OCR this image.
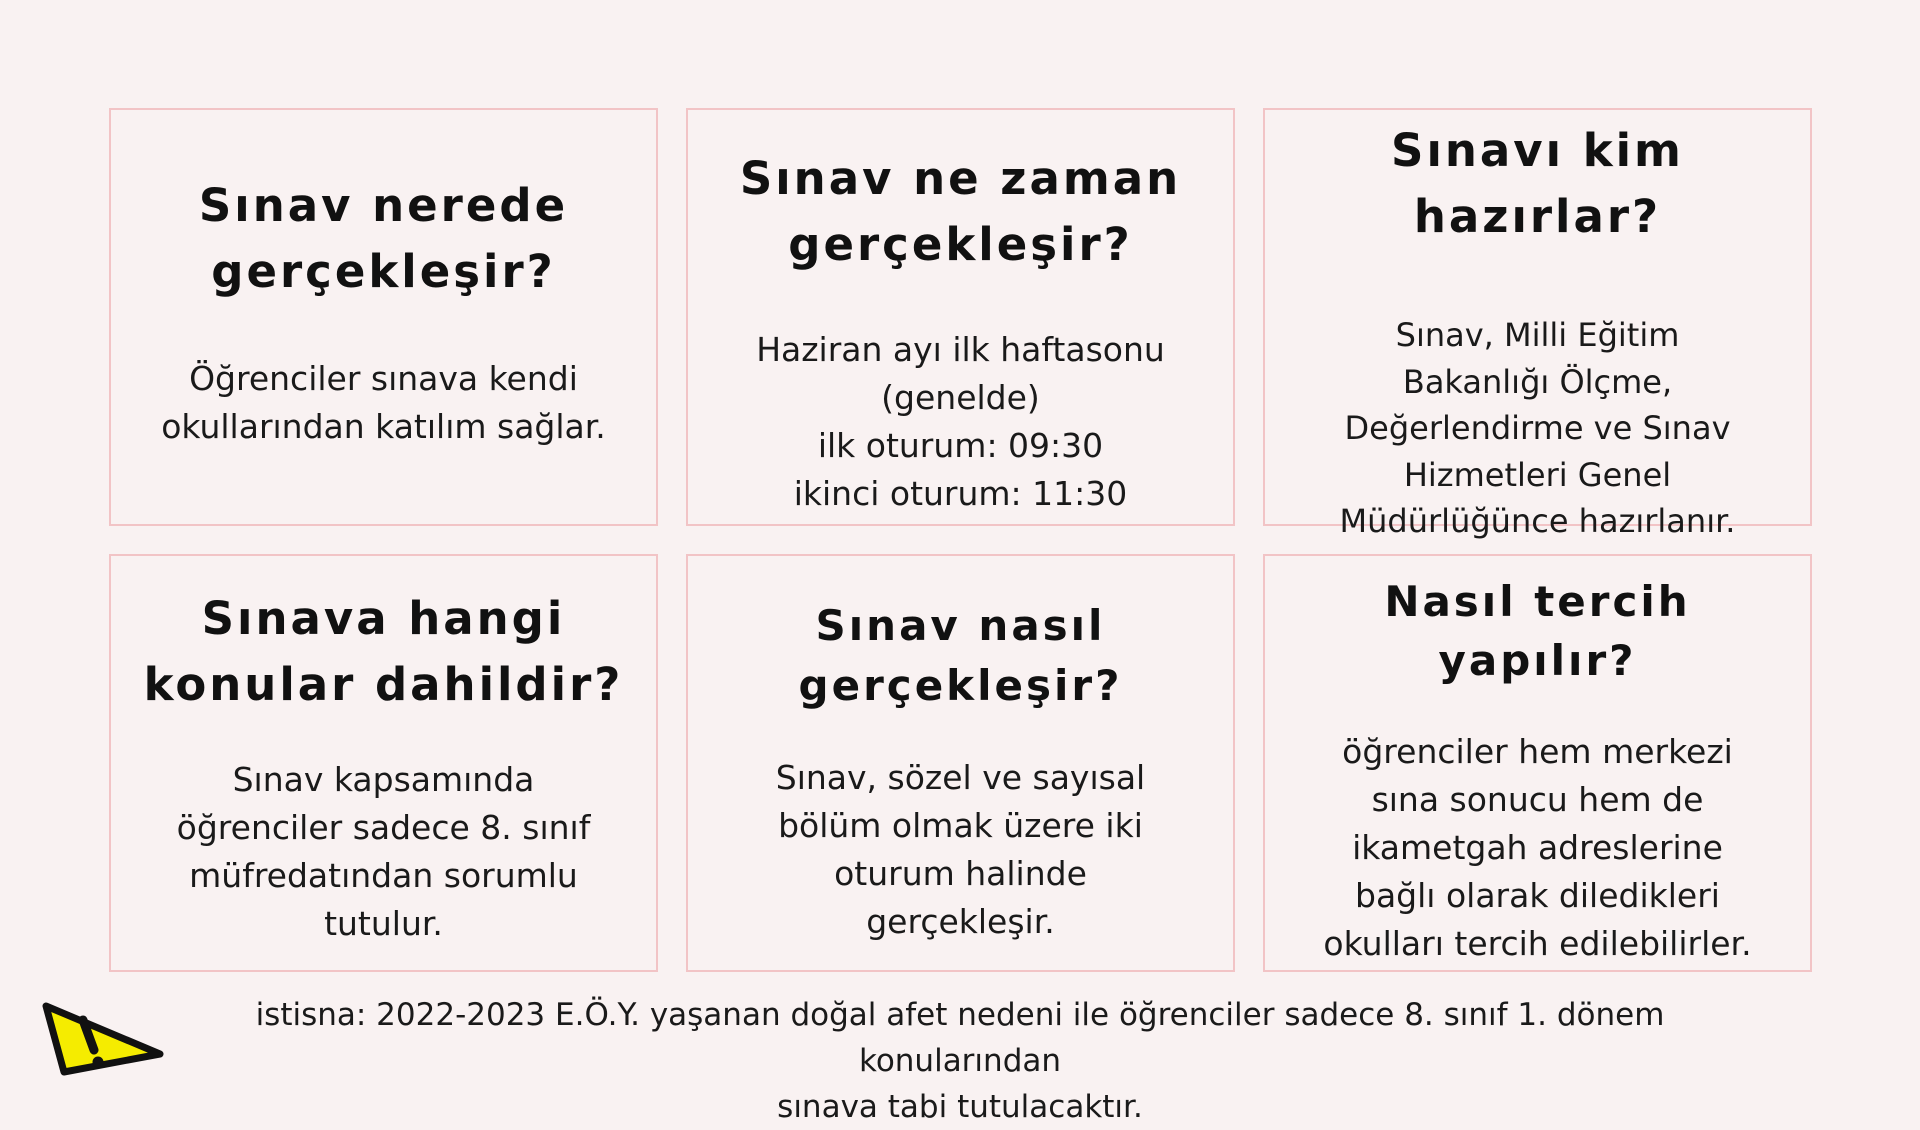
Sınav nerede
gerçekleşir?

Öğrenciler sınava kendi
okullarından katılım sağlar.

Sınav ne zaman
gerçekleşir?

Haziran ayı ilk haftasonu
(genelde)
ilk oturum: 09:30
ikinci oturum: 11:30

Sınavı kim
hazırlar?

Sınav, Milli Eğitim
Bakanlığı Ölçme,
Değerlendirme ve Sınav
Hizmetleri Genel
Müdürlüğünce hazırlanır.

Sınava hangi
konular dahildir?

Sınav kapsamında
öğrenciler sadece 8. sınıf
müfredatından sorumlu
tutulur.

Sınav nasıl
gerçekleşir?

Sınav, sözel ve sayısal
bölüm olmak üzere iki
oturum halinde
gerçekleşir.

Nasıl tercih
yapılır?

öğrenciler hem merkezi
sına sonucu hem de
ikametgah adreslerine
bağlı olarak diledikleri
okulları tercih edilebilirler.

istisna: 2022-2023 E.Ö.Y. yaşanan doğal afet nedeni ile öğrenciler sadece 8. sınıf 1. dönem konularından
sınava tabi tutulacaktır.
